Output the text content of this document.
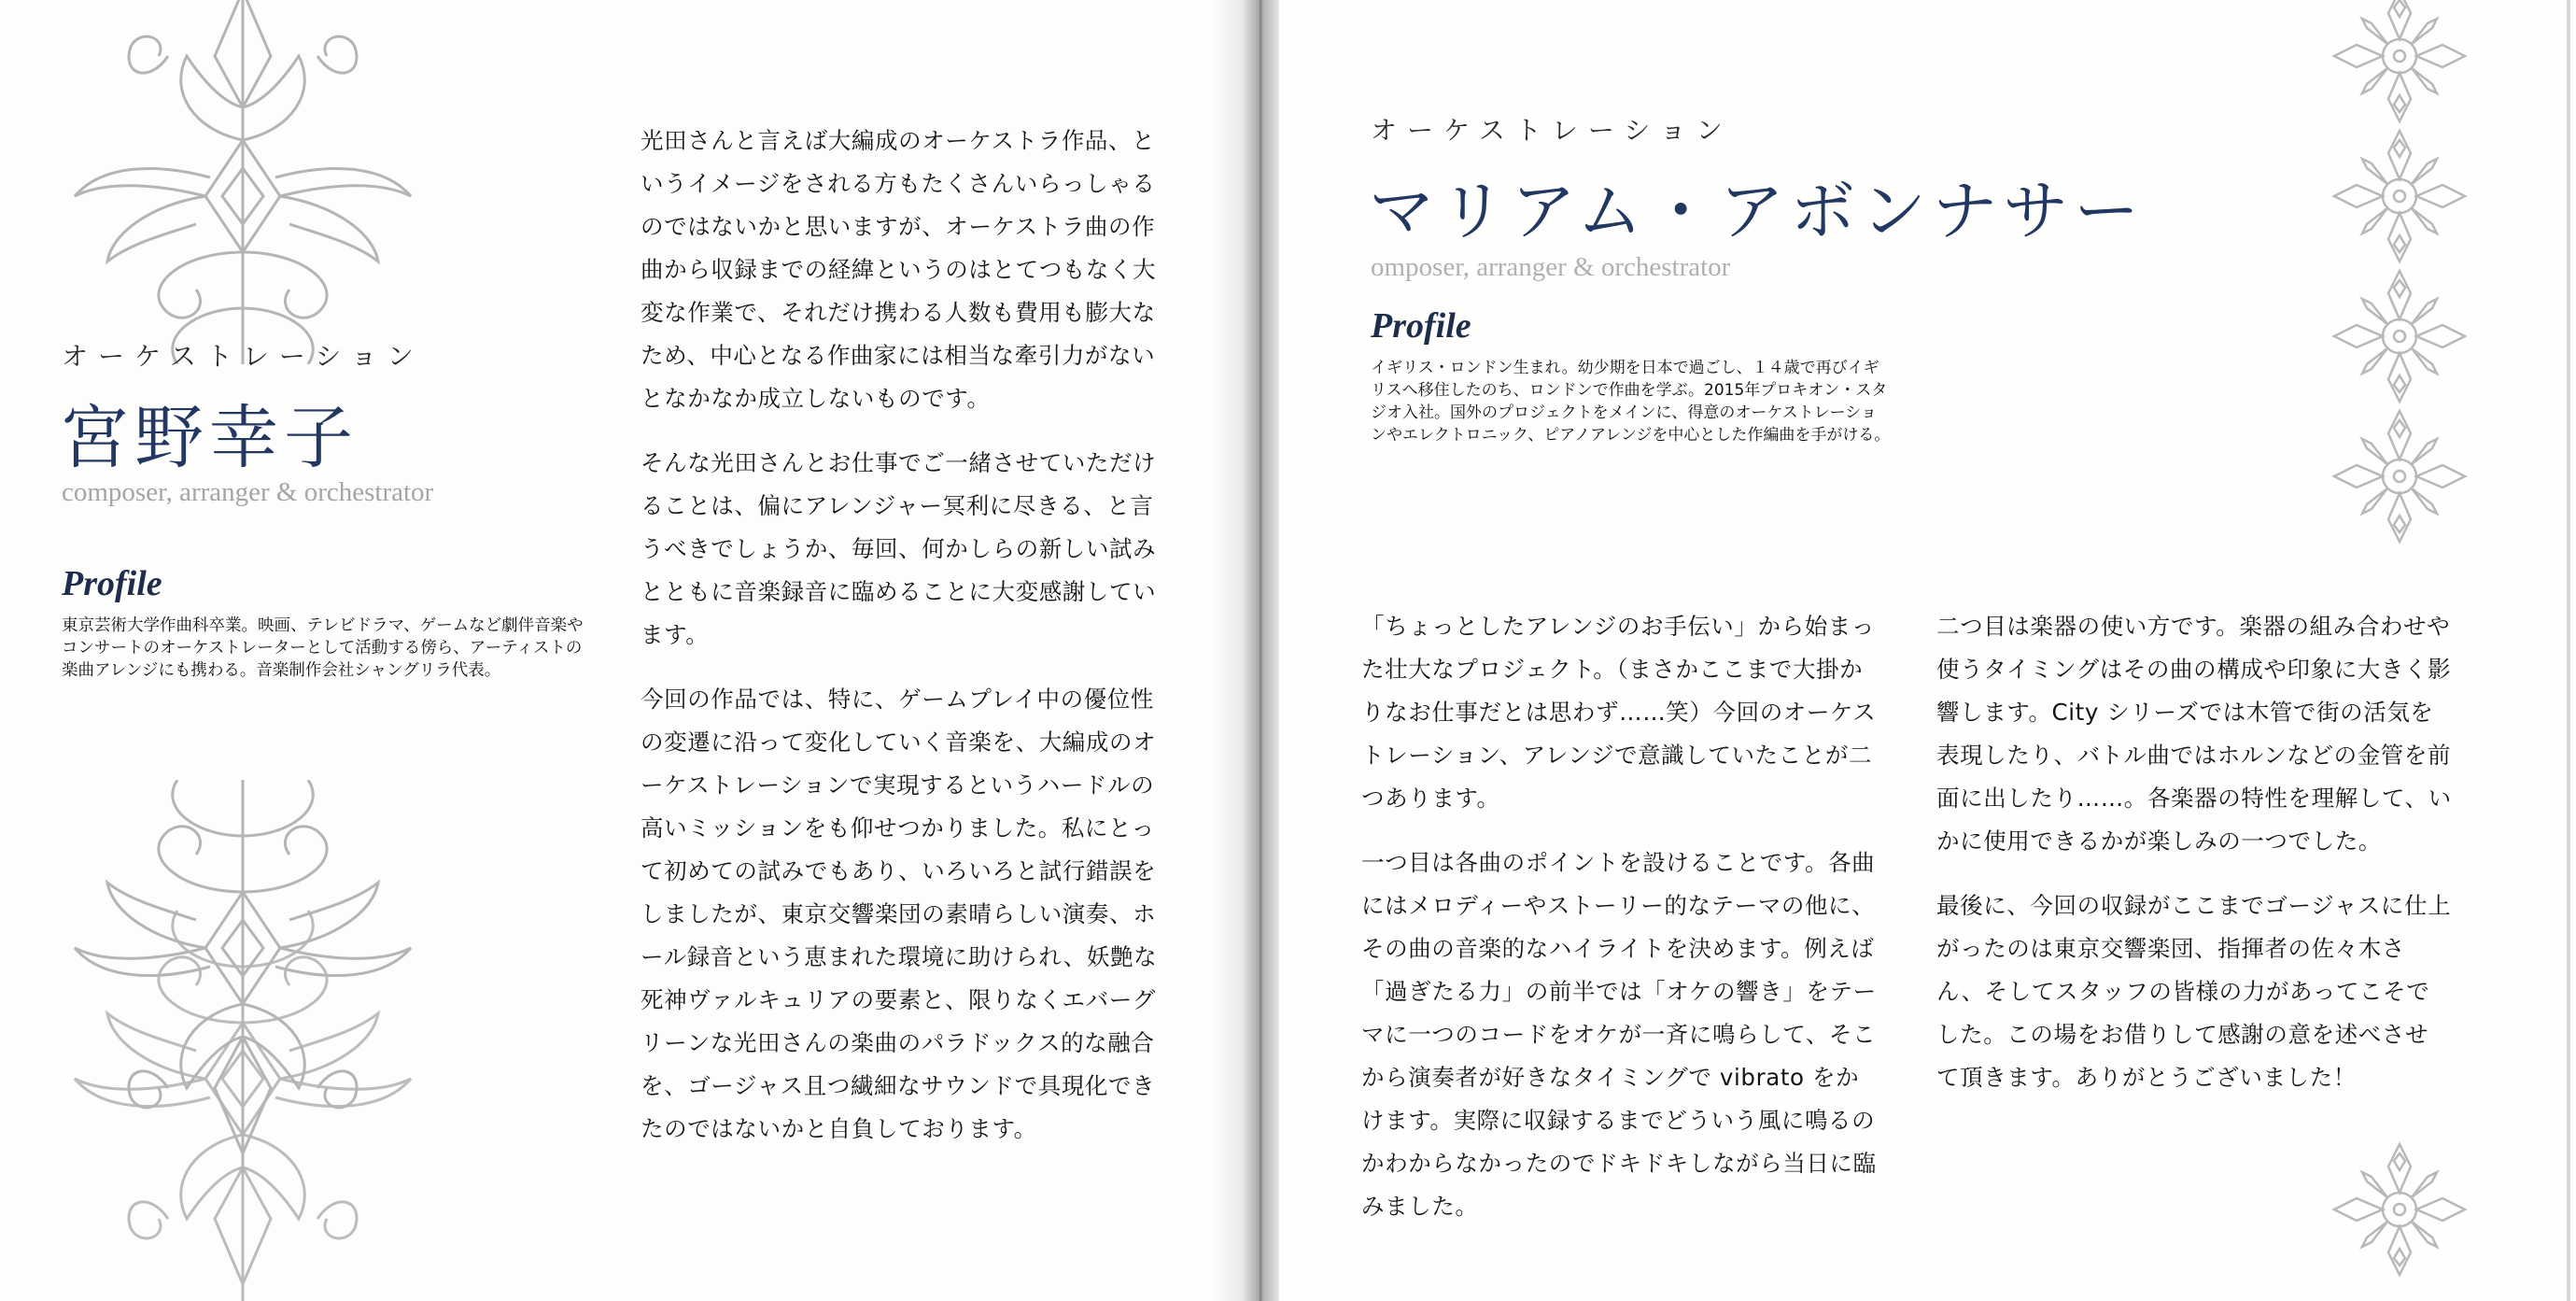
オーケストレーション
宮野幸子
composer, arranger & orchestrator
Profile

東京芸術大学作曲科卒業。映画、テレビドラマ、ゲームなど劇伴音楽やコンサートのオーケストレーターとして活動する傍ら、アーティストの楽曲アレンジにも携わる。音楽制作会社シャングリラ代表。

光田さんと言えば大編成のオーケストラ作品、というイメージをされる方もたくさんいらっしゃるのではないかと思いますが、オーケストラ曲の作曲から収録までの経緯というのはとてつもなく大変な作業で、それだけ携わる人数も費用も膨大なため、中心となる作曲家には相当な牽引力がないとなかなか成立しないものです。

そんな光田さんとお仕事でご一緒させていただけることは、偏にアレンジャー冥利に尽きる、と言うべきでしょうか、毎回、何かしらの新しい試みとともに音楽録音に臨めることに大変感謝しています。

今回の作品では、特に、ゲームプレイ中の優位性の変遷に沿って変化していく音楽を、大編成のオーケストレーションで実現するというハードルの高いミッションをも仰せつかりました。私にとって初めての試みでもあり、いろいろと試行錯誤をしましたが、東京交響楽団の素晴らしい演奏、ホール録音という恵まれた環境に助けられ、妖艶な死神ヴァルキュリアの要素と、限りなくエバーグリーンな光田さんの楽曲のパラドックス的な融合を、ゴージャス且つ繊細なサウンドで具現化できたのではないかと自負しております。

オーケストレーション
マリアム・アボンナサー
omposer, arranger & orchestrator
Profile

イギリス・ロンドン生まれ。幼少期を日本で過ごし、１４歳で再びイギリスへ移住したのち、ロンドンで作曲を学ぶ。2015年プロキオン・スタジオ入社。国外のプロジェクトをメインに、得意のオーケストレーションやエレクトロニック、ピアノアレンジを中心とした作編曲を手がける。

「ちょっとしたアレンジのお手伝い」から始まった壮大なプロジェクト。（まさかここまで大掛かりなお仕事だとは思わず……笑）今回のオーケストレーション、アレンジで意識していたことが二つあります。

一つ目は各曲のポイントを設けることです。各曲にはメロディーやストーリー的なテーマの他に、その曲の音楽的なハイライトを決めます。例えば「過ぎたる力」の前半では「オケの響き」をテーマに一つのコードをオケが一斉に鳴らして、そこから演奏者が好きなタイミングで vibrato をかけます。実際に収録するまでどういう風に鳴るのかわからなかったのでドキドキしながら当日に臨みました。

二つ目は楽器の使い方です。楽器の組み合わせや使うタイミングはその曲の構成や印象に大きく影響します。City シリーズでは木管で街の活気を表現したり、バトル曲ではホルンなどの金管を前面に出したり……。各楽器の特性を理解して、いかに使用できるかが楽しみの一つでした。

最後に、今回の収録がここまでゴージャスに仕上がったのは東京交響楽団、指揮者の佐々木さん、そしてスタッフの皆様の力があってこそでした。この場をお借りして感謝の意を述べさせて頂きます。ありがとうございました！
